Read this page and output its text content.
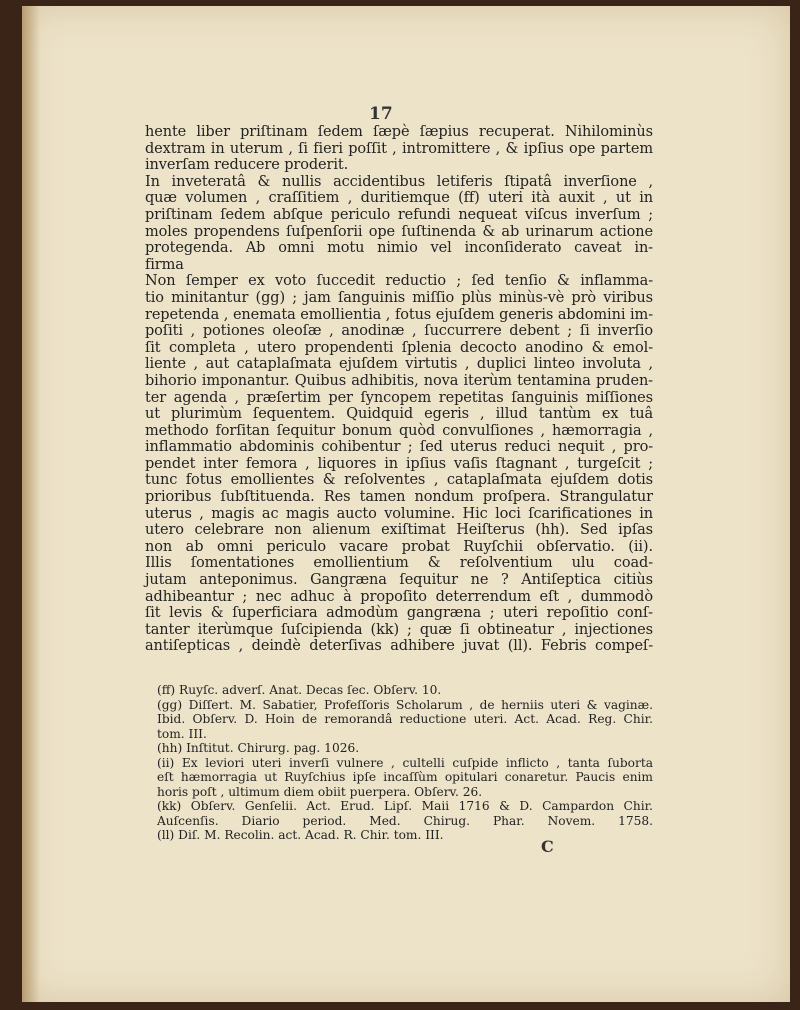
17
hente liber priſtinam ſedem ſæpè ſæpius recuperat. Nihilominùs
dextram in uterum , ſi fieri poſſit , intromittere , & ipſius ope partem
inverſam reducere proderit.
In inveteratâ & nullis accidentibus letiferis ſtipatâ inverſione ,
quæ volumen , craſſitiem , duritiemque (ff) uteri ità auxit , ut in
priſtinam ſedem abſque periculo refundi nequeat viſcus inverſum ;
moles propendens ſuſpenſorii ope ſuſtinenda & ab urinarum actione
protegenda. Ab omni motu nimio vel inconſiderato caveat in-
firma
Non ſemper ex voto ſuccedit reductio ; ſed tenſio & inflamma-
tio minitantur (gg) ; jam ſanguinis miſſio plùs minùs-vè prò viribus
repetenda , enemata emollientia , fotus ejuſdem generis abdomini im-
poſiti , potiones oleoſæ , anodinæ , ſuccurrere debent ; ſi inverſio
ſit completa , utero propendenti ſplenia decocto anodino & emol-
liente , aut cataplaſmata ejuſdem virtutis , duplici linteo involuta ,
bihorio imponantur. Quibus adhibitis, nova iterùm tentamina pruden-
ter agenda , præſertim per ſyncopem repetitas ſanguinis miſſiones
ut plurimùm ſequentem. Quidquid egeris , illud tantùm ex tuâ
methodo forſitan ſequitur bonum quòd convulſiones , hæmorragia ,
inflammatio abdominis cohibentur ; ſed uterus reduci nequit , pro-
pendet inter femora , liquores in ipſius vaſis ſtagnant , turgeſcit ;
tunc fotus emollientes & reſolventes , cataplaſmata ejuſdem dotis
prioribus ſubſtituenda. Res tamen nondum proſpera. Strangulatur
uterus , magis ac magis aucto volumine. Hic loci ſcarificationes in
utero celebrare non alienum exiſtimat Heiſterus (hh). Sed ipſas
non ab omni periculo vacare probat Ruyſchii obſervatio. (ii).
Illis ſomentationes emollientium & reſolventium ulu coad-
jutam anteponimus. Gangræna ſequitur ne ? Antiſeptica citiùs
adhibeantur ; nec adhuc à propoſito deterrendum eſt , dummodò
ſit levis & ſuperficiara admodùm gangræna ; uteri repoſitio conſ-
tanter iterùmque ſuſcipienda (kk) ; quæ ſi obtineatur , injectiones
antiſepticas , deindè deterſivas adhibere juvat (ll). Febris compeſ-
(ff) Ruyſc. adverſ. Anat. Decas ſec. Obſerv. 10.
(gg) Diſſert. M. Sabatier, Profeſſoris Scholarum , de herniis uteri & vaginæ.
Ibid. Obſerv. D. Hoin de remorandâ reductione uteri. Act. Acad. Reg. Chir.
tom. III.
(hh) Inſtitut. Chirurg. pag. 1026.
(ii) Ex leviori uteri inverſi vulnere , cultelli cuſpide inflicto , tanta ſuborta
eſt hæmorragia ut Ruyſchius ipſe incaſſùm opitulari conaretur. Paucis enim
horis poſt , ultimum diem obiit puerpera. Obſerv. 26.
(kk) Obſerv. Genſelii. Act. Erud. Lipſ. Maii 1716 & D. Campardon Chir.
Auſcenſis. Diario period. Med. Chirug. Phar. Novem. 1758.
(ll) Diſ. M. Recolin. act. Acad. R. Chir. tom. III.
C
